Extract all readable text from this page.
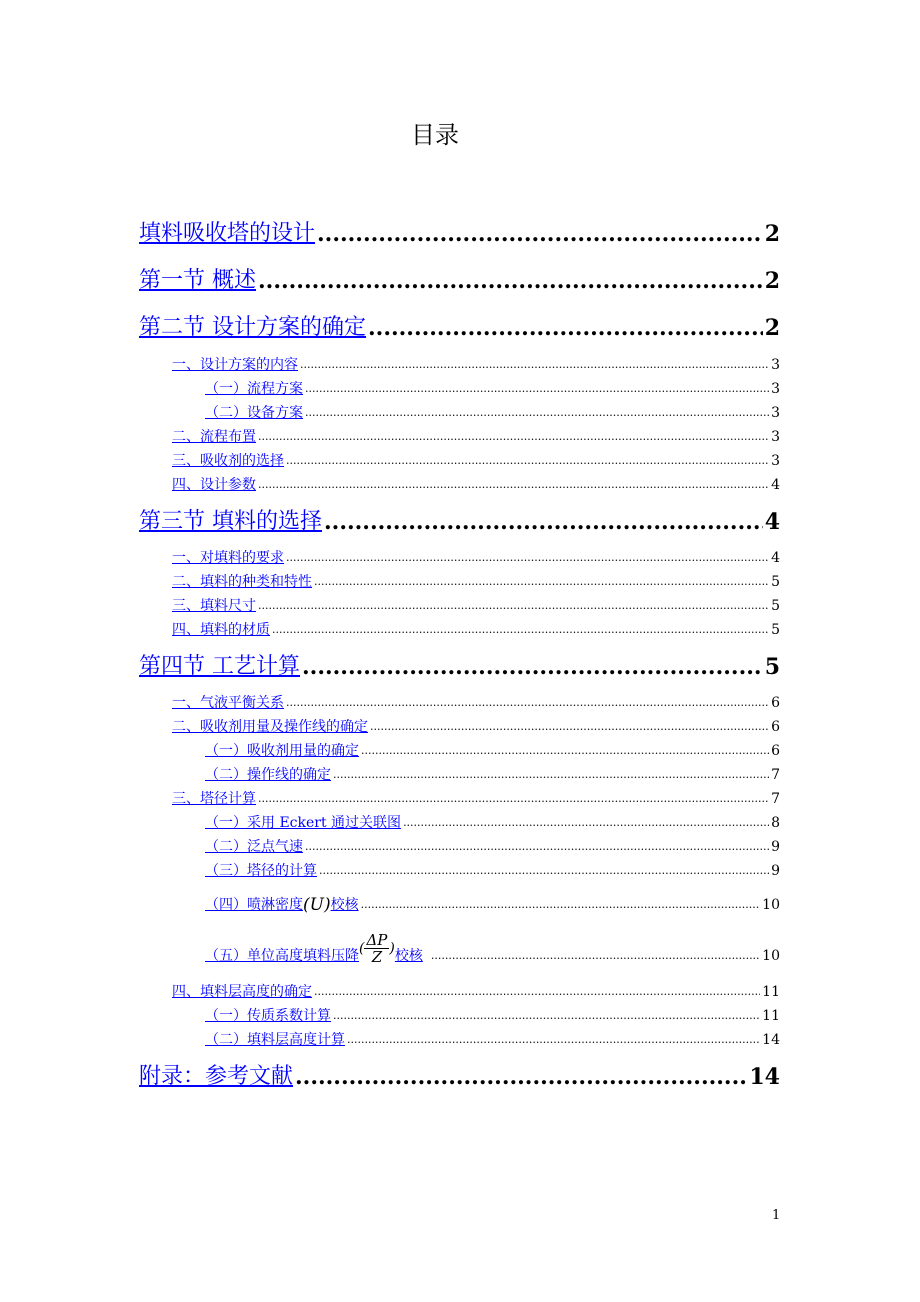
目录
填料吸收塔的设计 .....	2
第一节 概述 .....	2
第二节 设计方案的确定 .....	2
一、设计方案的内容 .....	3
（一）流程方案 .....	3
（二）设备方案 .....	3
二、流程布置 .....	3
三、吸收剂的选择 .....	3
四、设计参数 .....	4
第三节 填料的选择 .....	4
一、对填料的要求 .....	4
二、填料的种类和特性 .....	5
三、填料尺寸 .....	5
四、填料的材质 .....	5
第四节 工艺计算 .....	5
一、气液平衡关系 .....	6
二、吸收剂用量及操作线的确定 .....	6
（一）吸收剂用量的确定 .....	6
（二）操作线的确定 .....	7
三、塔径计算 .....	7
（一）采用 Eckert 通过关联图 .....	8
（二）泛点气速 .....	9
（三）塔径的计算 .....	9
（四）喷淋密度 (U) 校核 .....	10
（五）单位高度填料压降 ( $\frac{\Delta P}{Z}$ ) 校核 .....	10
四、填料层高度的确定 .....	11
（一）传质系数计算 .....	11
（二）填料层高度计算 .....	14
附录：参考文献 .....	14
1
